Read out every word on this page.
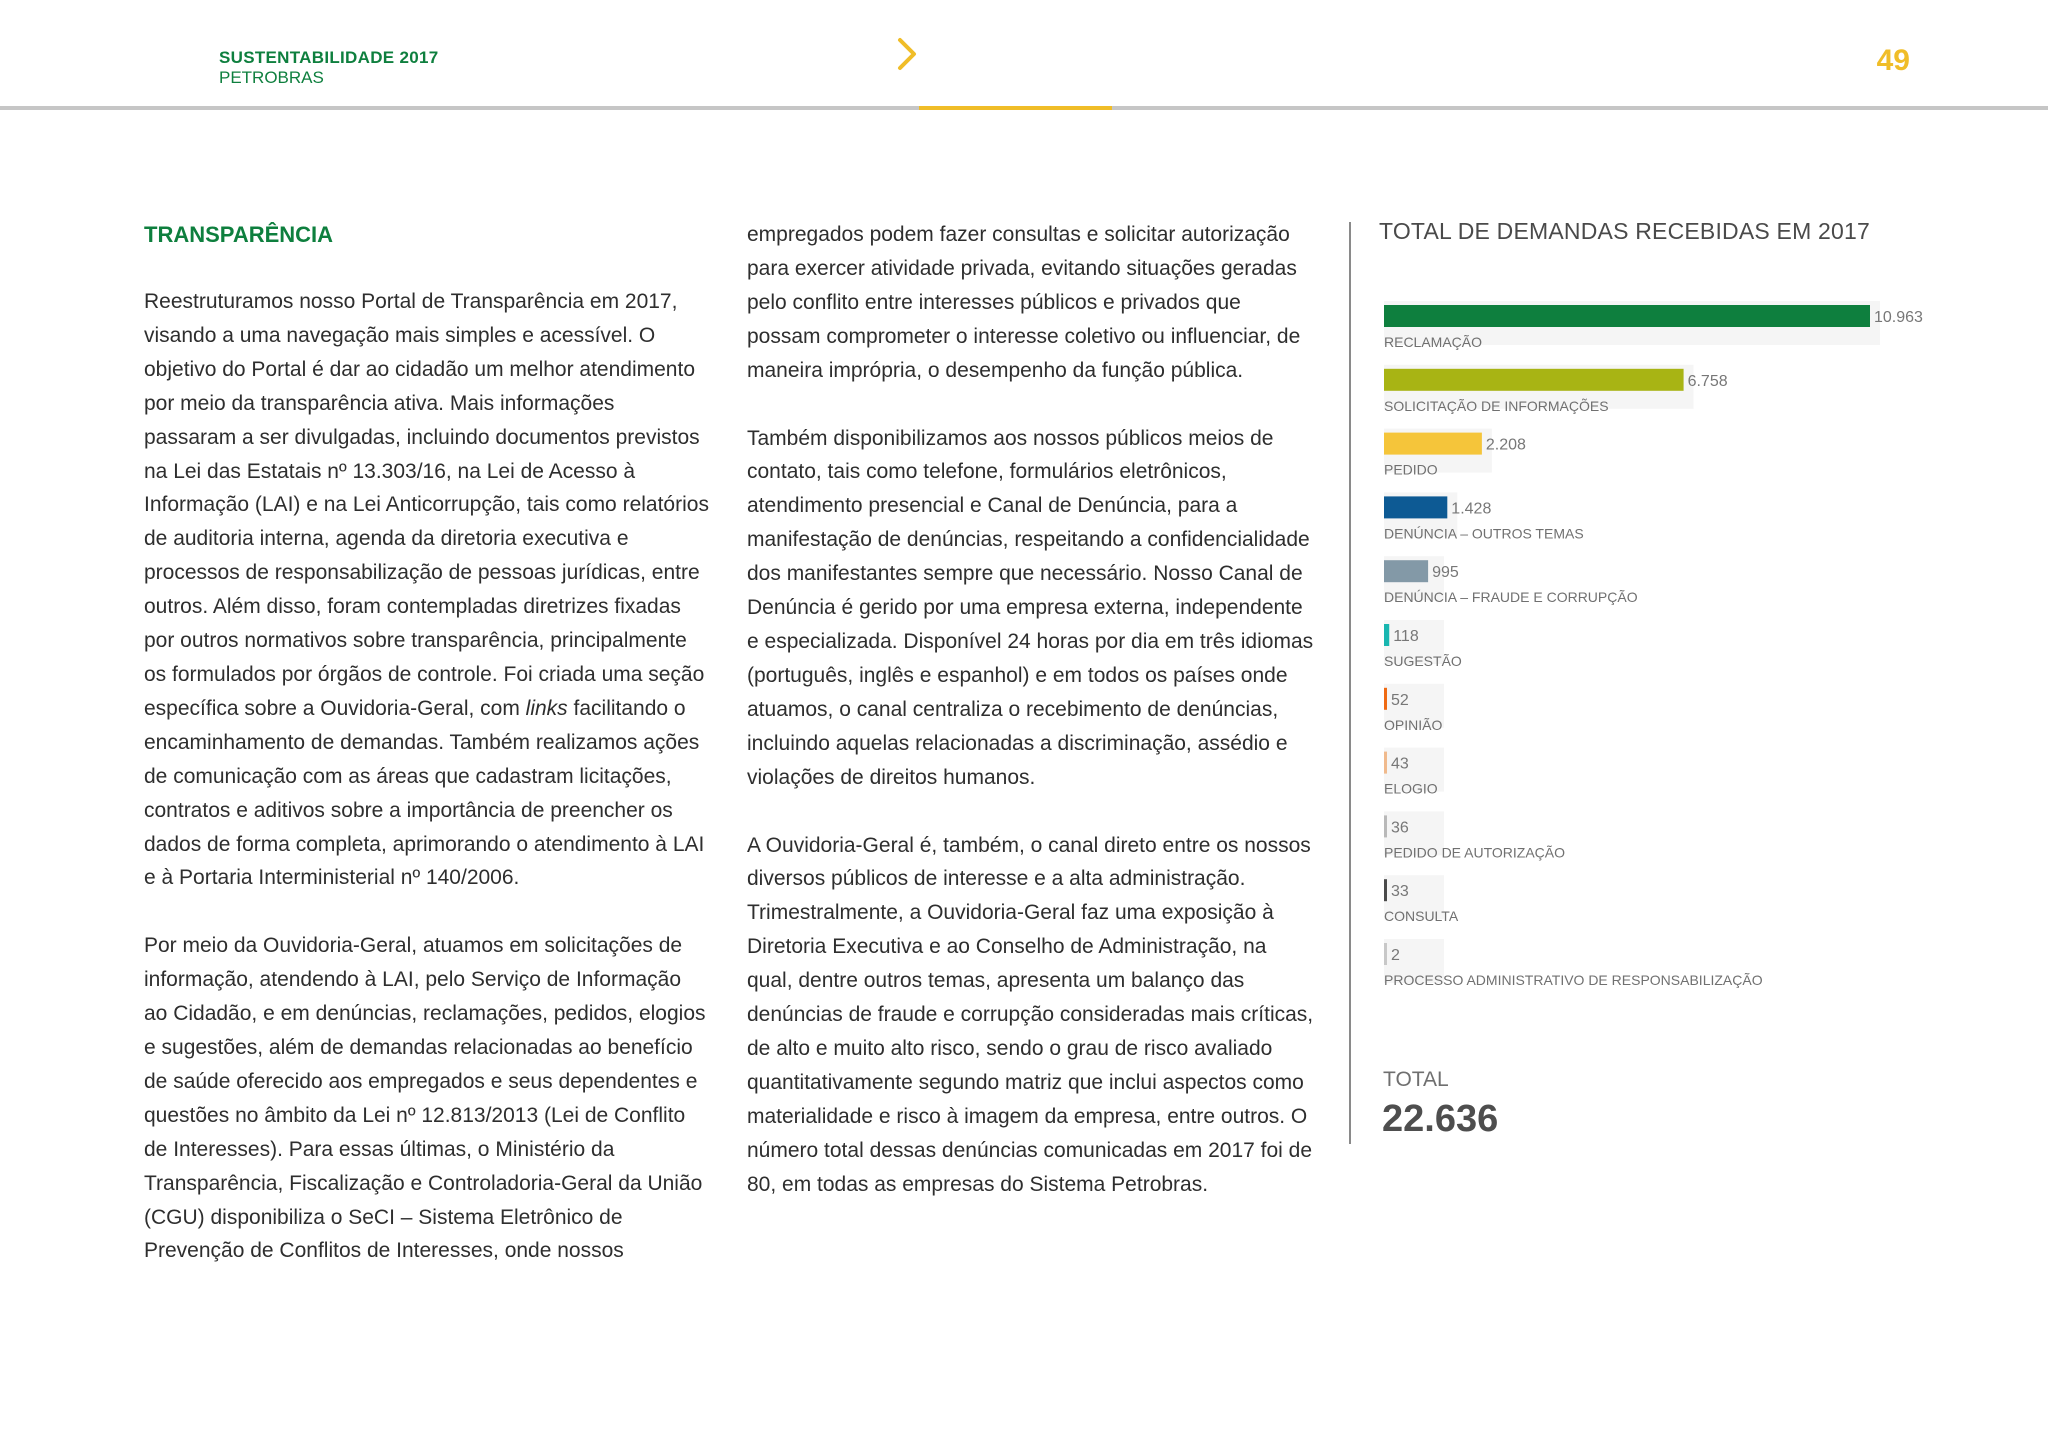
SUSTENTABILIDADE 2017
PETROBRAS
49
TRANSPARÊNCIA

Reestruturamos nosso Portal de Transparência em 2017, visando a uma navegação mais simples e acessível. O objetivo do Portal é dar ao cidadão um melhor atendimento por meio da transparência ativa. Mais informações passaram a ser divulgadas, incluindo documentos previstos na Lei das Estatais nº 13.303/16, na Lei de Acesso à Informação (LAI) e na Lei Anticorrupção, tais como relatórios de auditoria interna, agenda da diretoria executiva e processos de responsabilização de pessoas jurídicas, entre outros. Além disso, foram contempladas diretrizes fixadas por outros normativos sobre transparência, principalmente os formulados por órgãos de controle. Foi criada uma seção específica sobre a Ouvidoria-Geral, com links facilitando o encaminhamento de demandas. Também realizamos ações de comunicação com as áreas que cadastram licitações, contratos e aditivos sobre a importância de preencher os dados de forma completa, aprimorando o atendimento à LAI e à Portaria Interministerial nº 140/2006.

Por meio da Ouvidoria-Geral, atuamos em solicitações de informação, atendendo à LAI, pelo Serviço de Informação ao Cidadão, e em denúncias, reclamações, pedidos, elogios e sugestões, além de demandas relacionadas ao benefício de saúde oferecido aos empregados e seus dependentes e questões no âmbito da Lei nº 12.813/2013 (Lei de Conflito de Interesses). Para essas últimas, o Ministério da Transparência, Fiscalização e Controladoria-Geral da União (CGU) disponibiliza o SeCI – Sistema Eletrônico de Prevenção de Conflitos de Interesses, onde nossos

empregados podem fazer consultas e solicitar autorização para exercer atividade privada, evitando situações geradas pelo conflito entre interesses públicos e privados que possam comprometer o interesse coletivo ou influenciar, de maneira imprópria, o desempenho da função pública.

Também disponibilizamos aos nossos públicos meios de contato, tais como telefone, formulários eletrônicos, atendimento presencial e Canal de Denúncia, para a manifestação de denúncias, respeitando a confidencialidade dos manifestantes sempre que necessário. Nosso Canal de Denúncia é gerido por uma empresa externa, independente e especializada. Disponível 24 horas por dia em três idiomas (português, inglês e espanhol) e em todos os países onde atuamos, o canal centraliza o recebimento de denúncias, incluindo aquelas relacionadas a discriminação, assédio e violações de direitos humanos.

A Ouvidoria-Geral é, também, o canal direto entre os nossos diversos públicos de interesse e a alta administração. Trimestralmente, a Ouvidoria-Geral faz uma exposição à Diretoria Executiva e ao Conselho de Administração, na qual, dentre outros temas, apresenta um balanço das denúncias de fraude e corrupção consideradas mais críticas, de alto e muito alto risco, sendo o grau de risco avaliado quantitativamente segundo matriz que inclui aspectos como materialidade e risco à imagem da empresa, entre outros. O número total dessas denúncias comunicadas em 2017 foi de 80, em todas as empresas do Sistema Petrobras.

TOTAL DE DEMANDAS RECEBIDAS EM 2017
10.963
RECLAMAÇÃO
6.758
SOLICITAÇÃO DE INFORMAÇÕES
2.208
PEDIDO
1.428
DENÚNCIA – OUTROS TEMAS
995
DENÚNCIA – FRAUDE E CORRUPÇÃO
118
SUGESTÃO
52
OPINIÃO
43
ELOGIO
36
PEDIDO DE AUTORIZAÇÃO
33
CONSULTA
2
PROCESSO ADMINISTRATIVO DE RESPONSABILIZAÇÃO
TOTAL
22.636
